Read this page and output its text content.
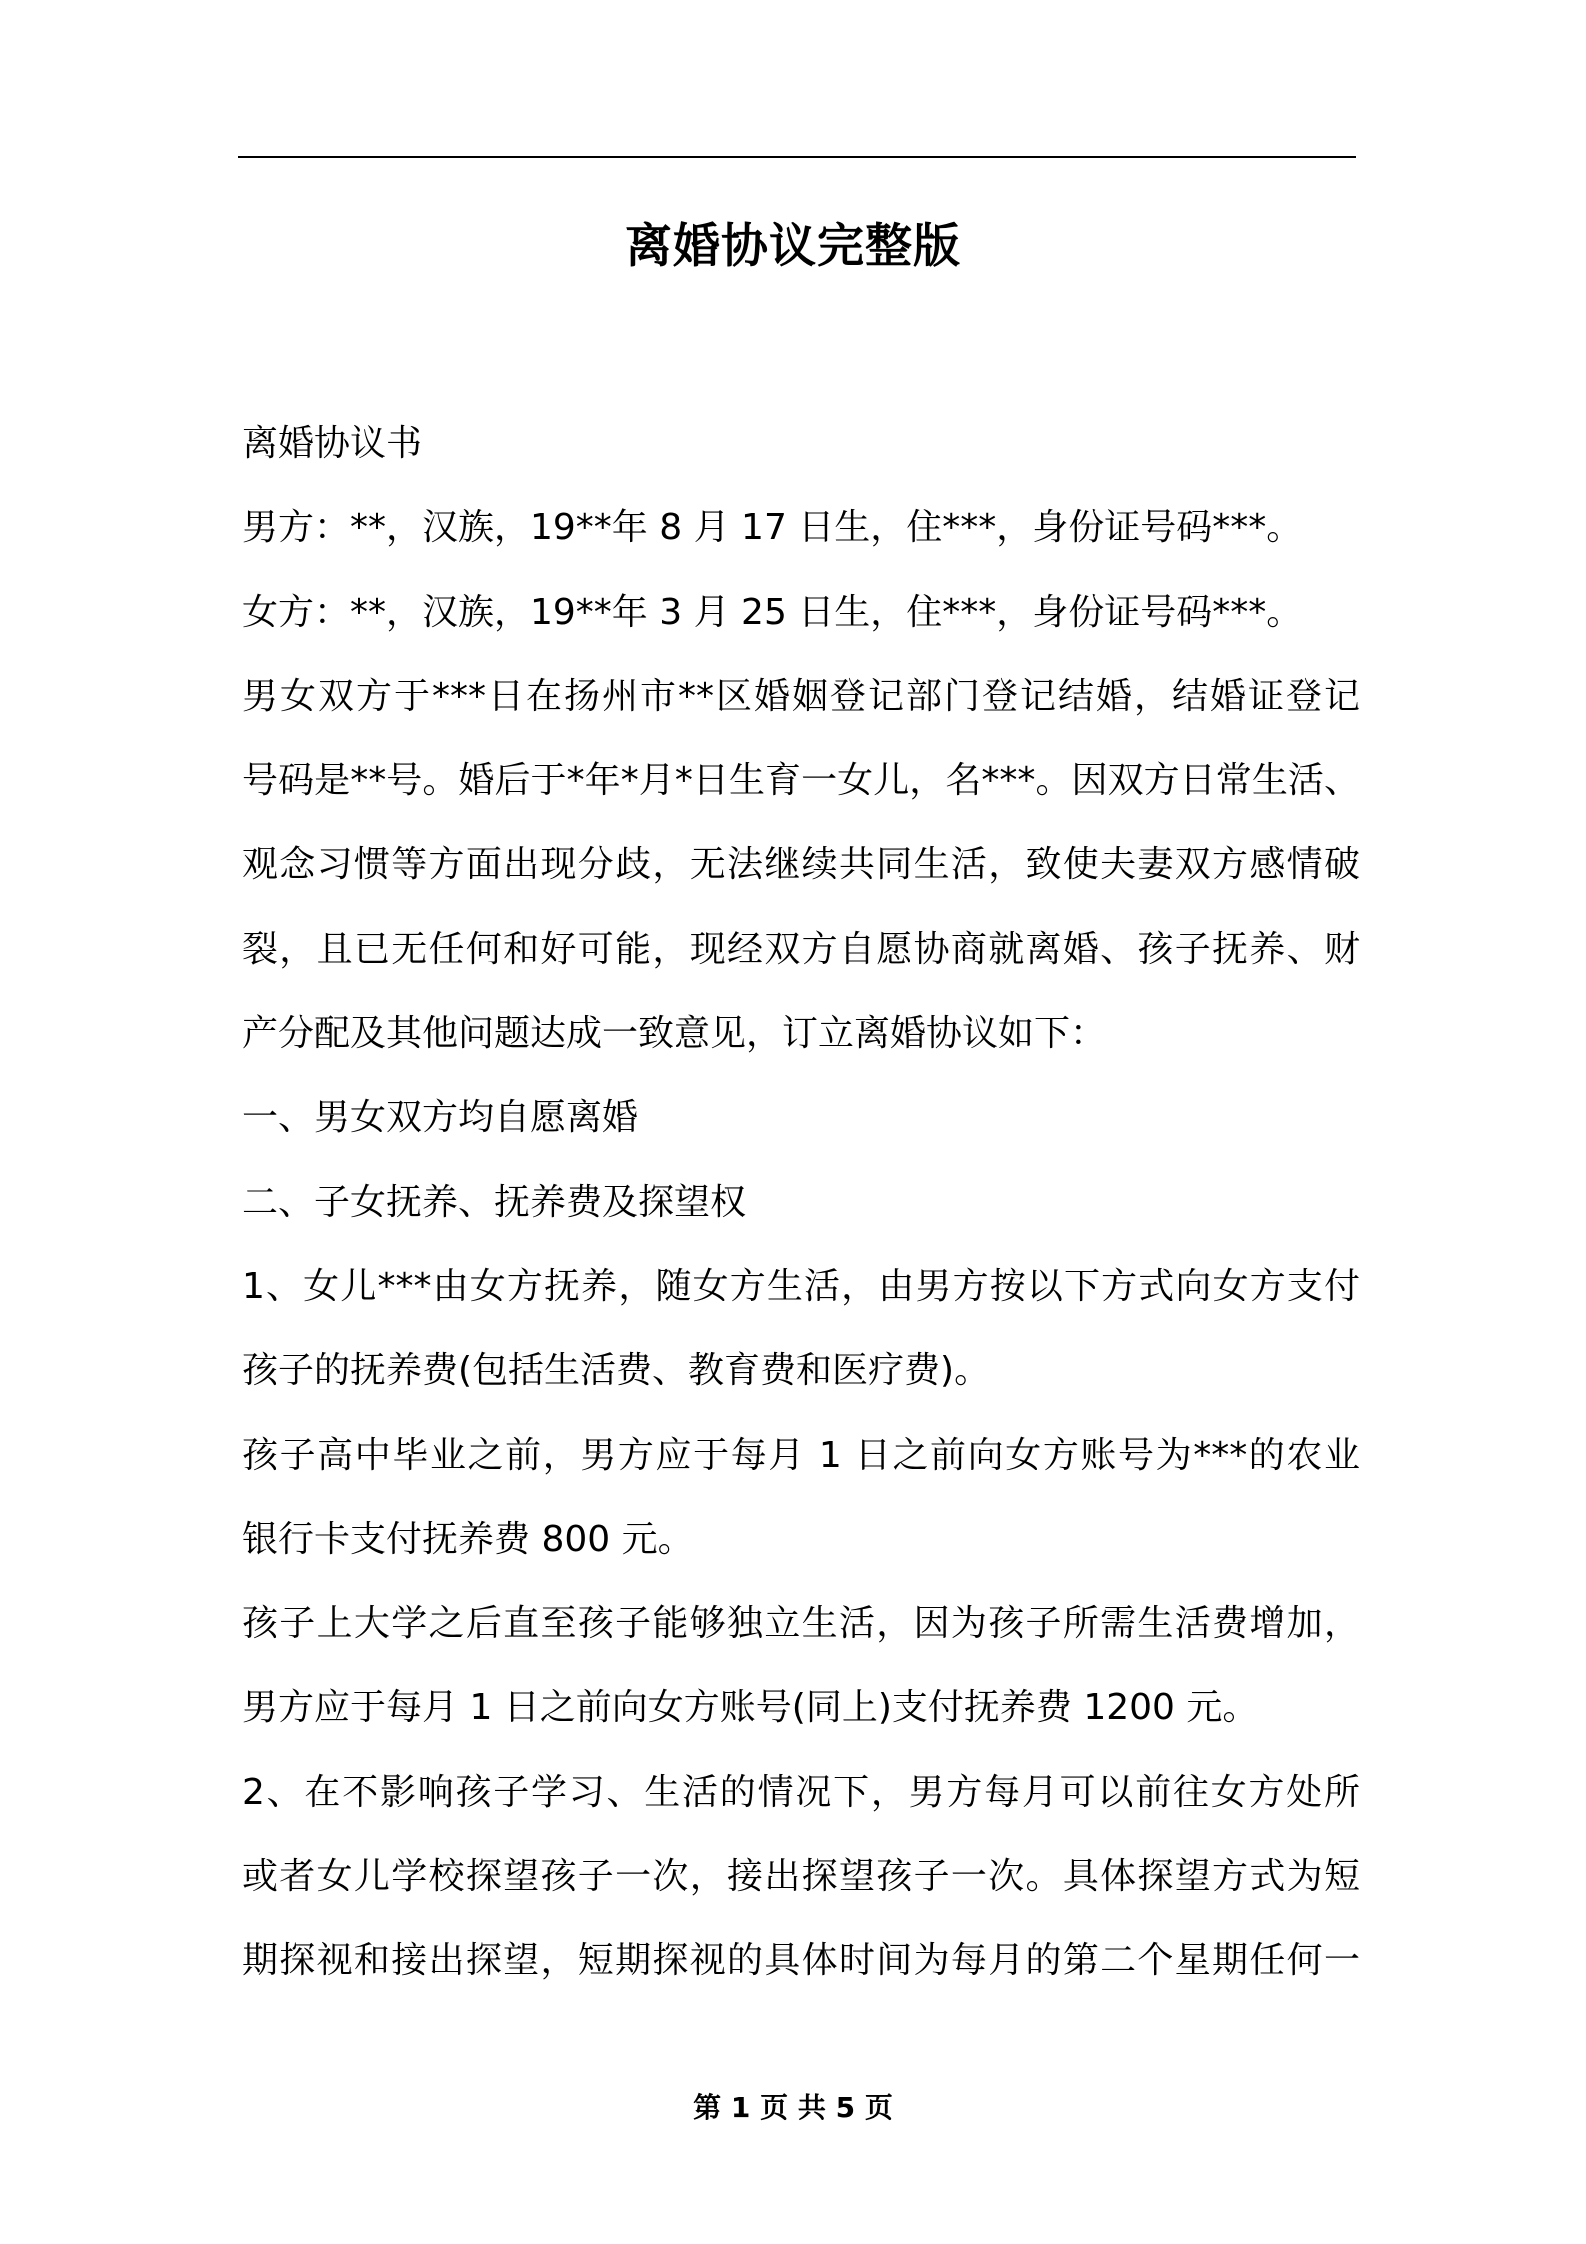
离婚协议完整版
离婚协议书
男方：**，汉族，19**年 8 月 17 日生，住***，身份证号码***。
女方：**，汉族，19**年 3 月 25 日生，住***，身份证号码***。
男女双方于***日在扬州市**区婚姻登记部门登记结婚，结婚证登记
号码是**号。婚后于*年*月*日生育一女儿，名***。因双方日常生活、
观念习惯等方面出现分歧，无法继续共同生活，致使夫妻双方感情破
裂，且已无任何和好可能，现经双方自愿协商就离婚、孩子抚养、财
产分配及其他问题达成一致意见，订立离婚协议如下：
一、男女双方均自愿离婚
二、子女抚养、抚养费及探望权
1、女儿***由女方抚养，随女方生活，由男方按以下方式向女方支付
孩子的抚养费(包括生活费、教育费和医疗费)。
孩子高中毕业之前，男方应于每月 1 日之前向女方账号为***的农业
银行卡支付抚养费 800 元。
孩子上大学之后直至孩子能够独立生活，因为孩子所需生活费增加，
男方应于每月 1 日之前向女方账号(同上)支付抚养费 1200 元。
2、在不影响孩子学习、生活的情况下，男方每月可以前往女方处所
或者女儿学校探望孩子一次，接出探望孩子一次。具体探望方式为短
期探视和接出探望，短期探视的具体时间为每月的第二个星期任何一
第 1 页 共 5 页
